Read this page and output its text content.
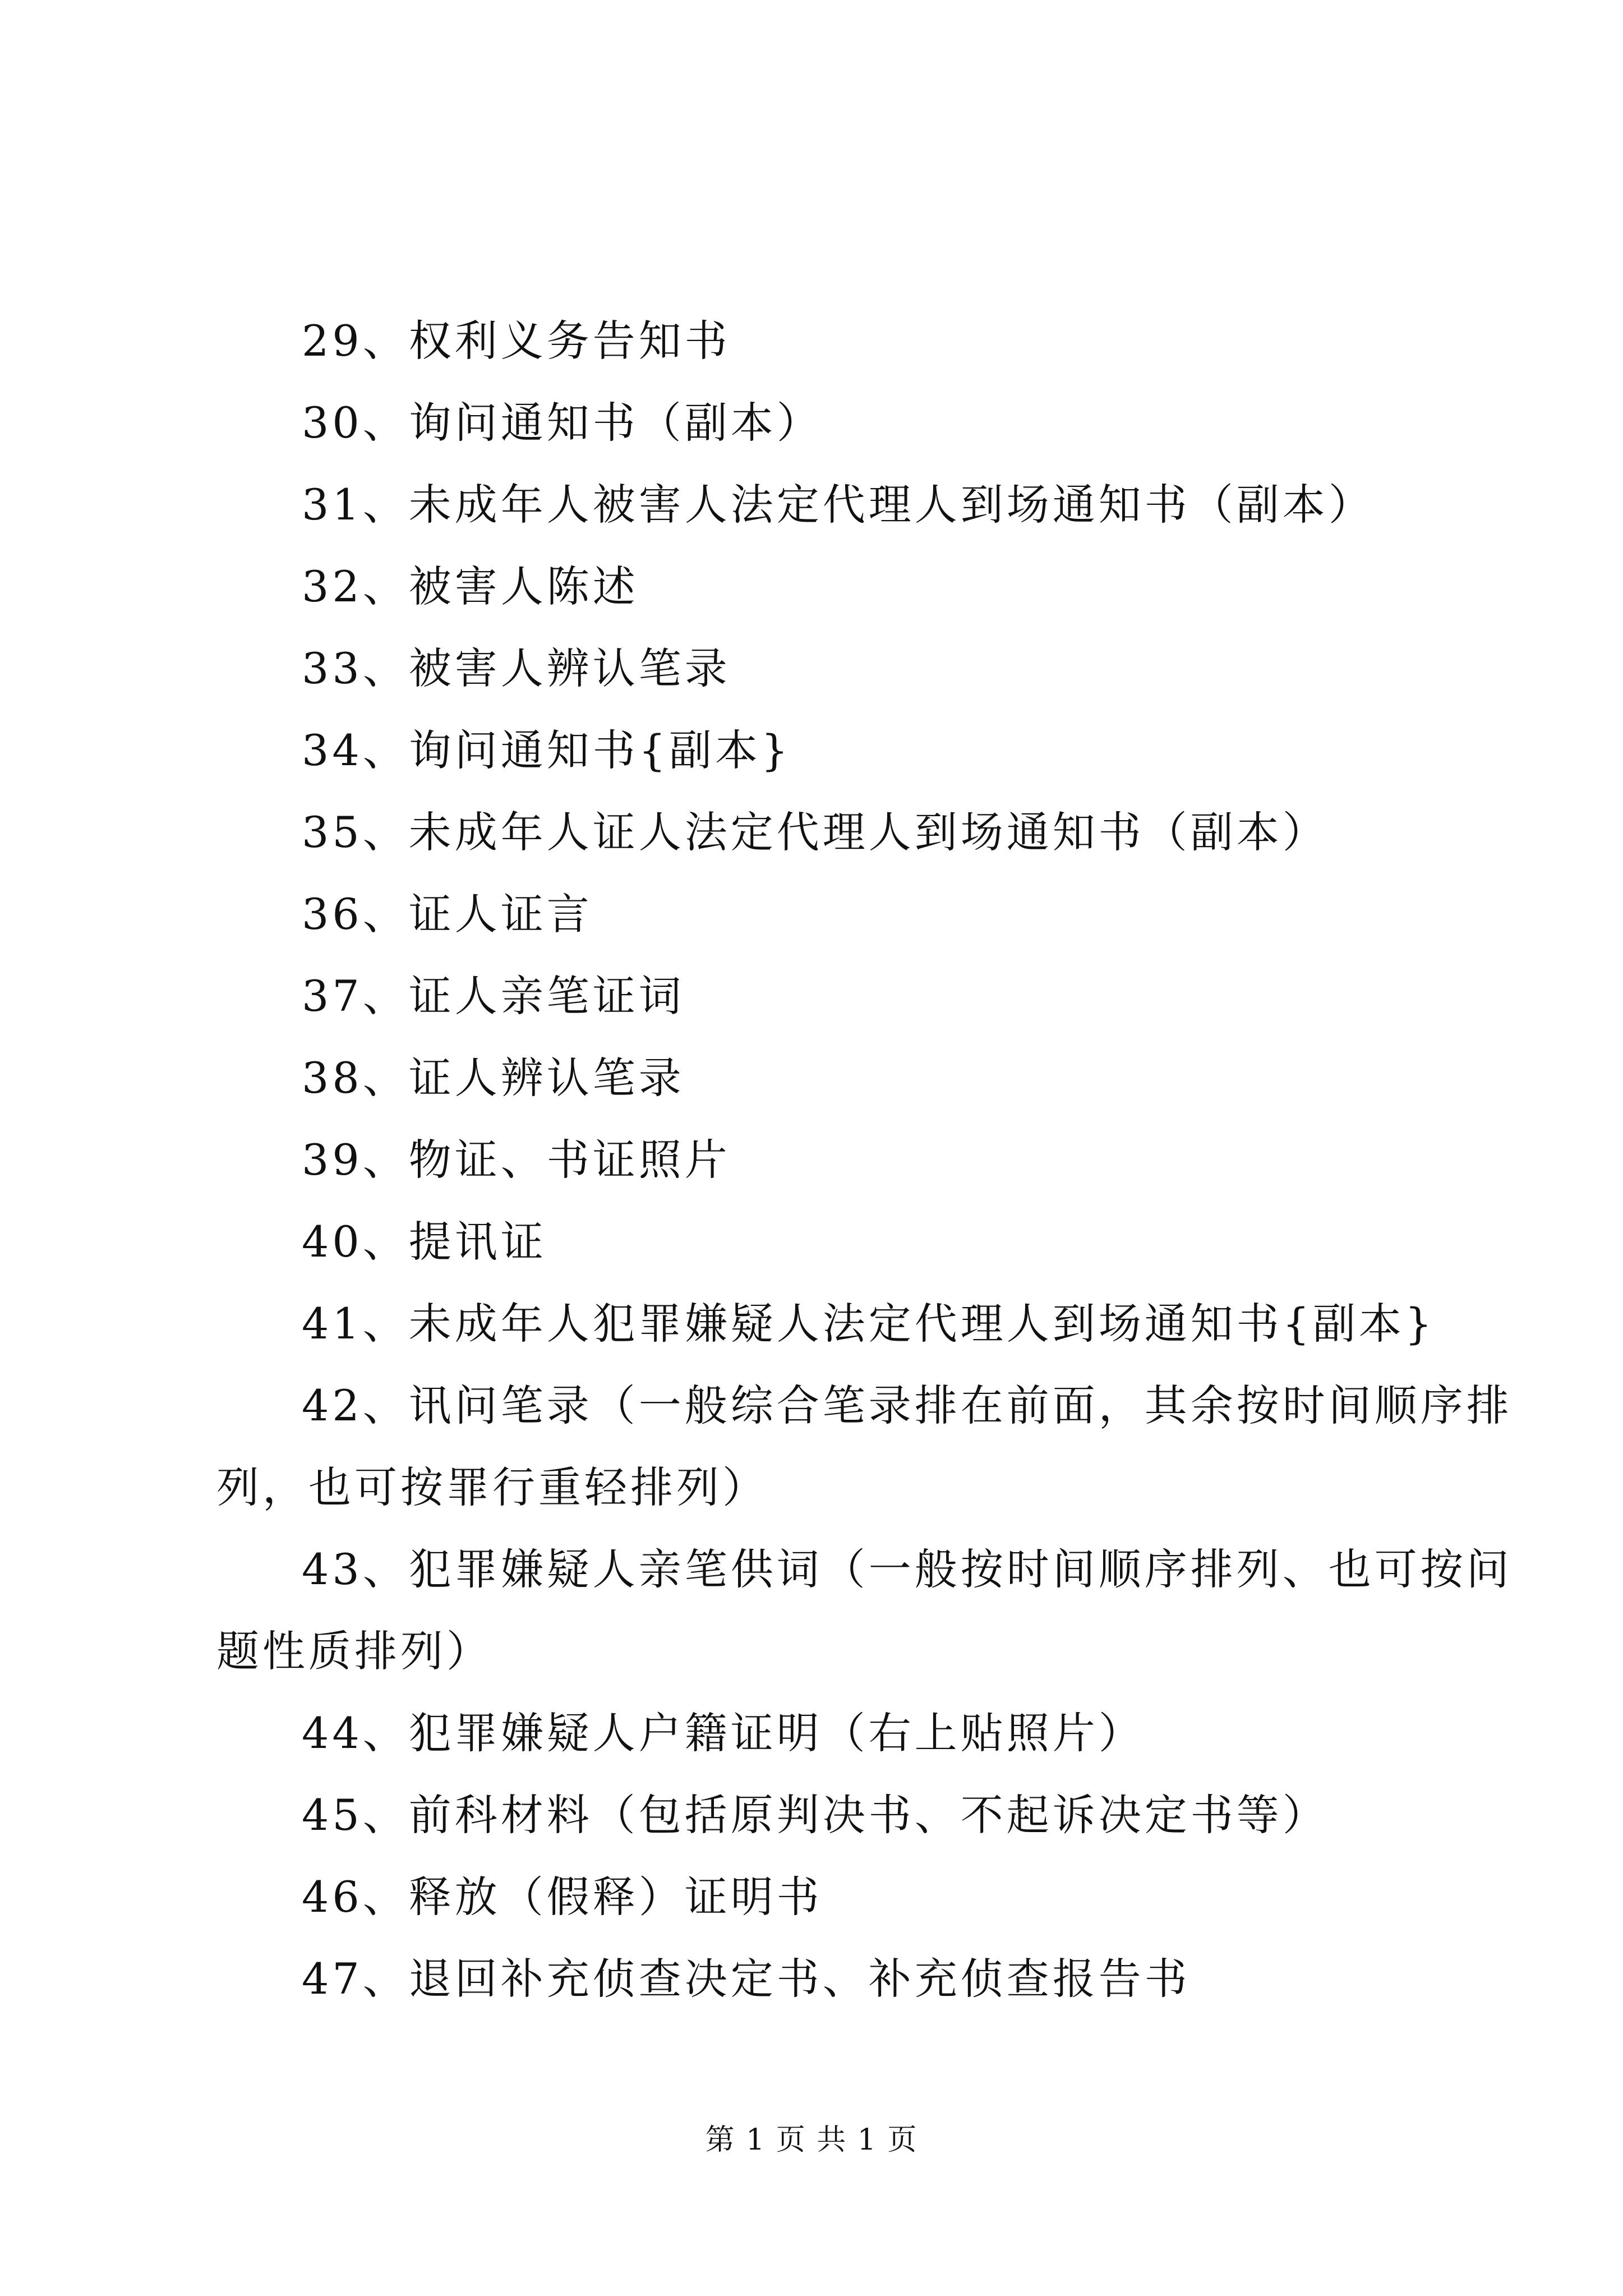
29、权利义务告知书
30、询问通知书（副本）
31、未成年人被害人法定代理人到场通知书（副本）
32、被害人陈述
33、被害人辨认笔录
34、询问通知书{副本}
35、未成年人证人法定代理人到场通知书（副本）
36、证人证言
37、证人亲笔证词
38、证人辨认笔录
39、物证、书证照片
40、提讯证
41、未成年人犯罪嫌疑人法定代理人到场通知书{副本}
42、讯问笔录（一般综合笔录排在前面，其余按时间顺序排
列，也可按罪行重轻排列）
43、犯罪嫌疑人亲笔供词（一般按时间顺序排列、也可按问
题性质排列）
44、犯罪嫌疑人户籍证明（右上贴照片）
45、前科材料（包括原判决书、不起诉决定书等）
46、释放（假释）证明书
47、退回补充侦查决定书、补充侦查报告书
第 1 页 共 1 页
